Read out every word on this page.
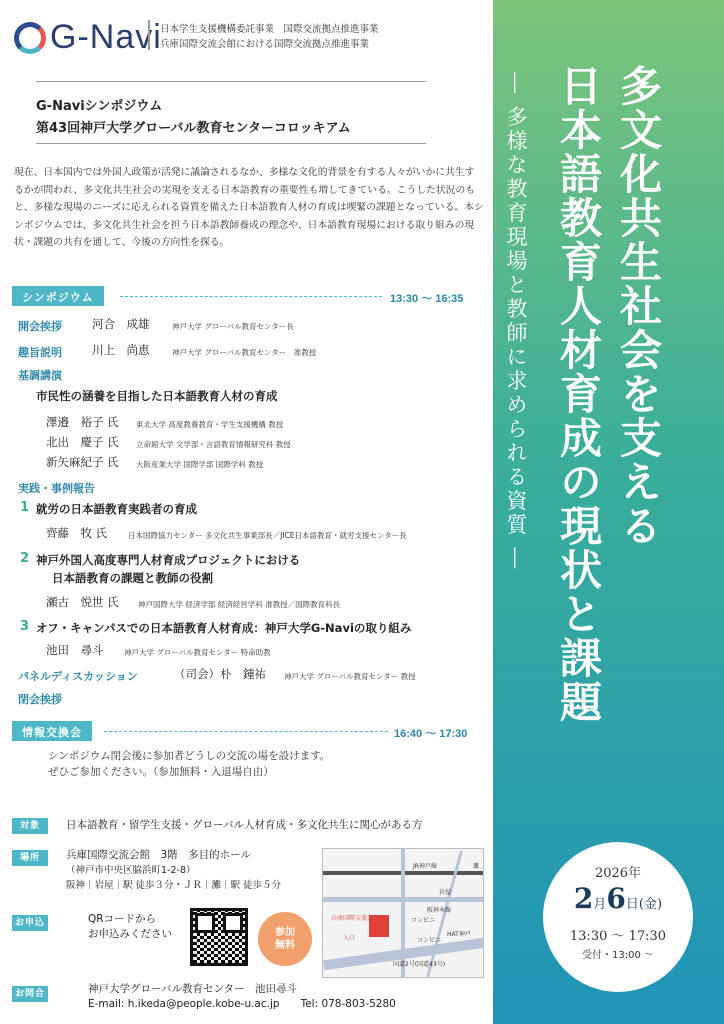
G-Navi
日本学生支援機構委託事業　国際交流拠点推進事業
兵庫国際交流会館における国際交流拠点推進事業
G-Naviシンポジウム
第43回神戸大学グローバル教育センターコロッキアム

現在、日本国内では外国人政策が活発に議論されるなか、多様な文化的背景を有する人々がいかに共生するかが問われ、多文化共生社会の実現を支える日本語教育の重要性も増してきている。こうした状況のもと、多様な現場のニーズに応えられる資質を備えた日本語教育人材の育成は喫緊の課題となっている。本シンポジウムでは、多文化共生社会を担う日本語教師養成の理念や、日本語教育現場における取り組みの現状・課題の共有を通して、今後の方向性を探る。

シンポジウム	13:30 ～ 16:35
開会挨拶	河合　成雄	神戸大学 グローバル教育センター長
趣旨説明	川上　尚恵	神戸大学 グローバル教育センター　准教授
基調講演
市民性の涵養を目指した日本語教育人材の育成
澤邉　裕子 氏 東北大学 高度教養教育・学生支援機構 教授
北出　慶子 氏 立命館大学 文学部・言語教育情報研究科 教授
新矢麻紀子 氏 大阪産業大学 国際学部 国際学科 教授
実践・事例報告
1 就労の日本語教育実践者の育成
齊藤　牧 氏	日本国際協力センター 多文化共生事業部長／JICE日本語教育・就労支援センター長
2 神戸外国人高度専門人材育成プロジェクトにおける
日本語教育の課題と教師の役割
瀬古　悦世 氏	神戸国際大学 経済学部 経済経営学科 准教授／国際教育科長
3 オフ・キャンパスでの日本語教育人材育成：神戸大学G-Naviの取り組み
池田　尋斗	神戸大学 グローバル教育センター 特命助教
パネルディスカッション	（司会）朴　鍾祐 神戸大学 グローバル教育センター 教授
閉会挨拶
情報交換会	16:40 ～ 17:30
シンポジウム閉会後に参加者どうしの交流の場を設けます。
ぜひご参加ください。（参加無料・入退場自由）
対象	日本語教育・留学生支援・グローバル人材育成・多文化共生に関心がある方
場所	兵庫国際交流会館　3階　多目的ホール
（神戸市中央区脇浜町1-2-8）
阪神｜岩屋｜駅 徒歩３分・ＪＲ｜灘｜駅 徒歩５分
お申込み
QRコードから
お申込みください	参加
無料
お問合せ
神戸大学グローバル教育センター　池田尋斗
E-mail: h.ikeda@people.kobe-u.ac.jp　　Tel: 078-803-5280
JR神戸線	灘
兵庫国際交流会館
入口
国道2号(国道43号)
岩屋
阪神本線
コンビニ
HAT神戸
コンビニ
多文化共生社会を支える
日本語教育人材育成の現状と課題
― 多様な教育現場と教師に求められる資質 ―
2026年
2月6日(金)
13:30 ～ 17:30
受付・13:00 ～
